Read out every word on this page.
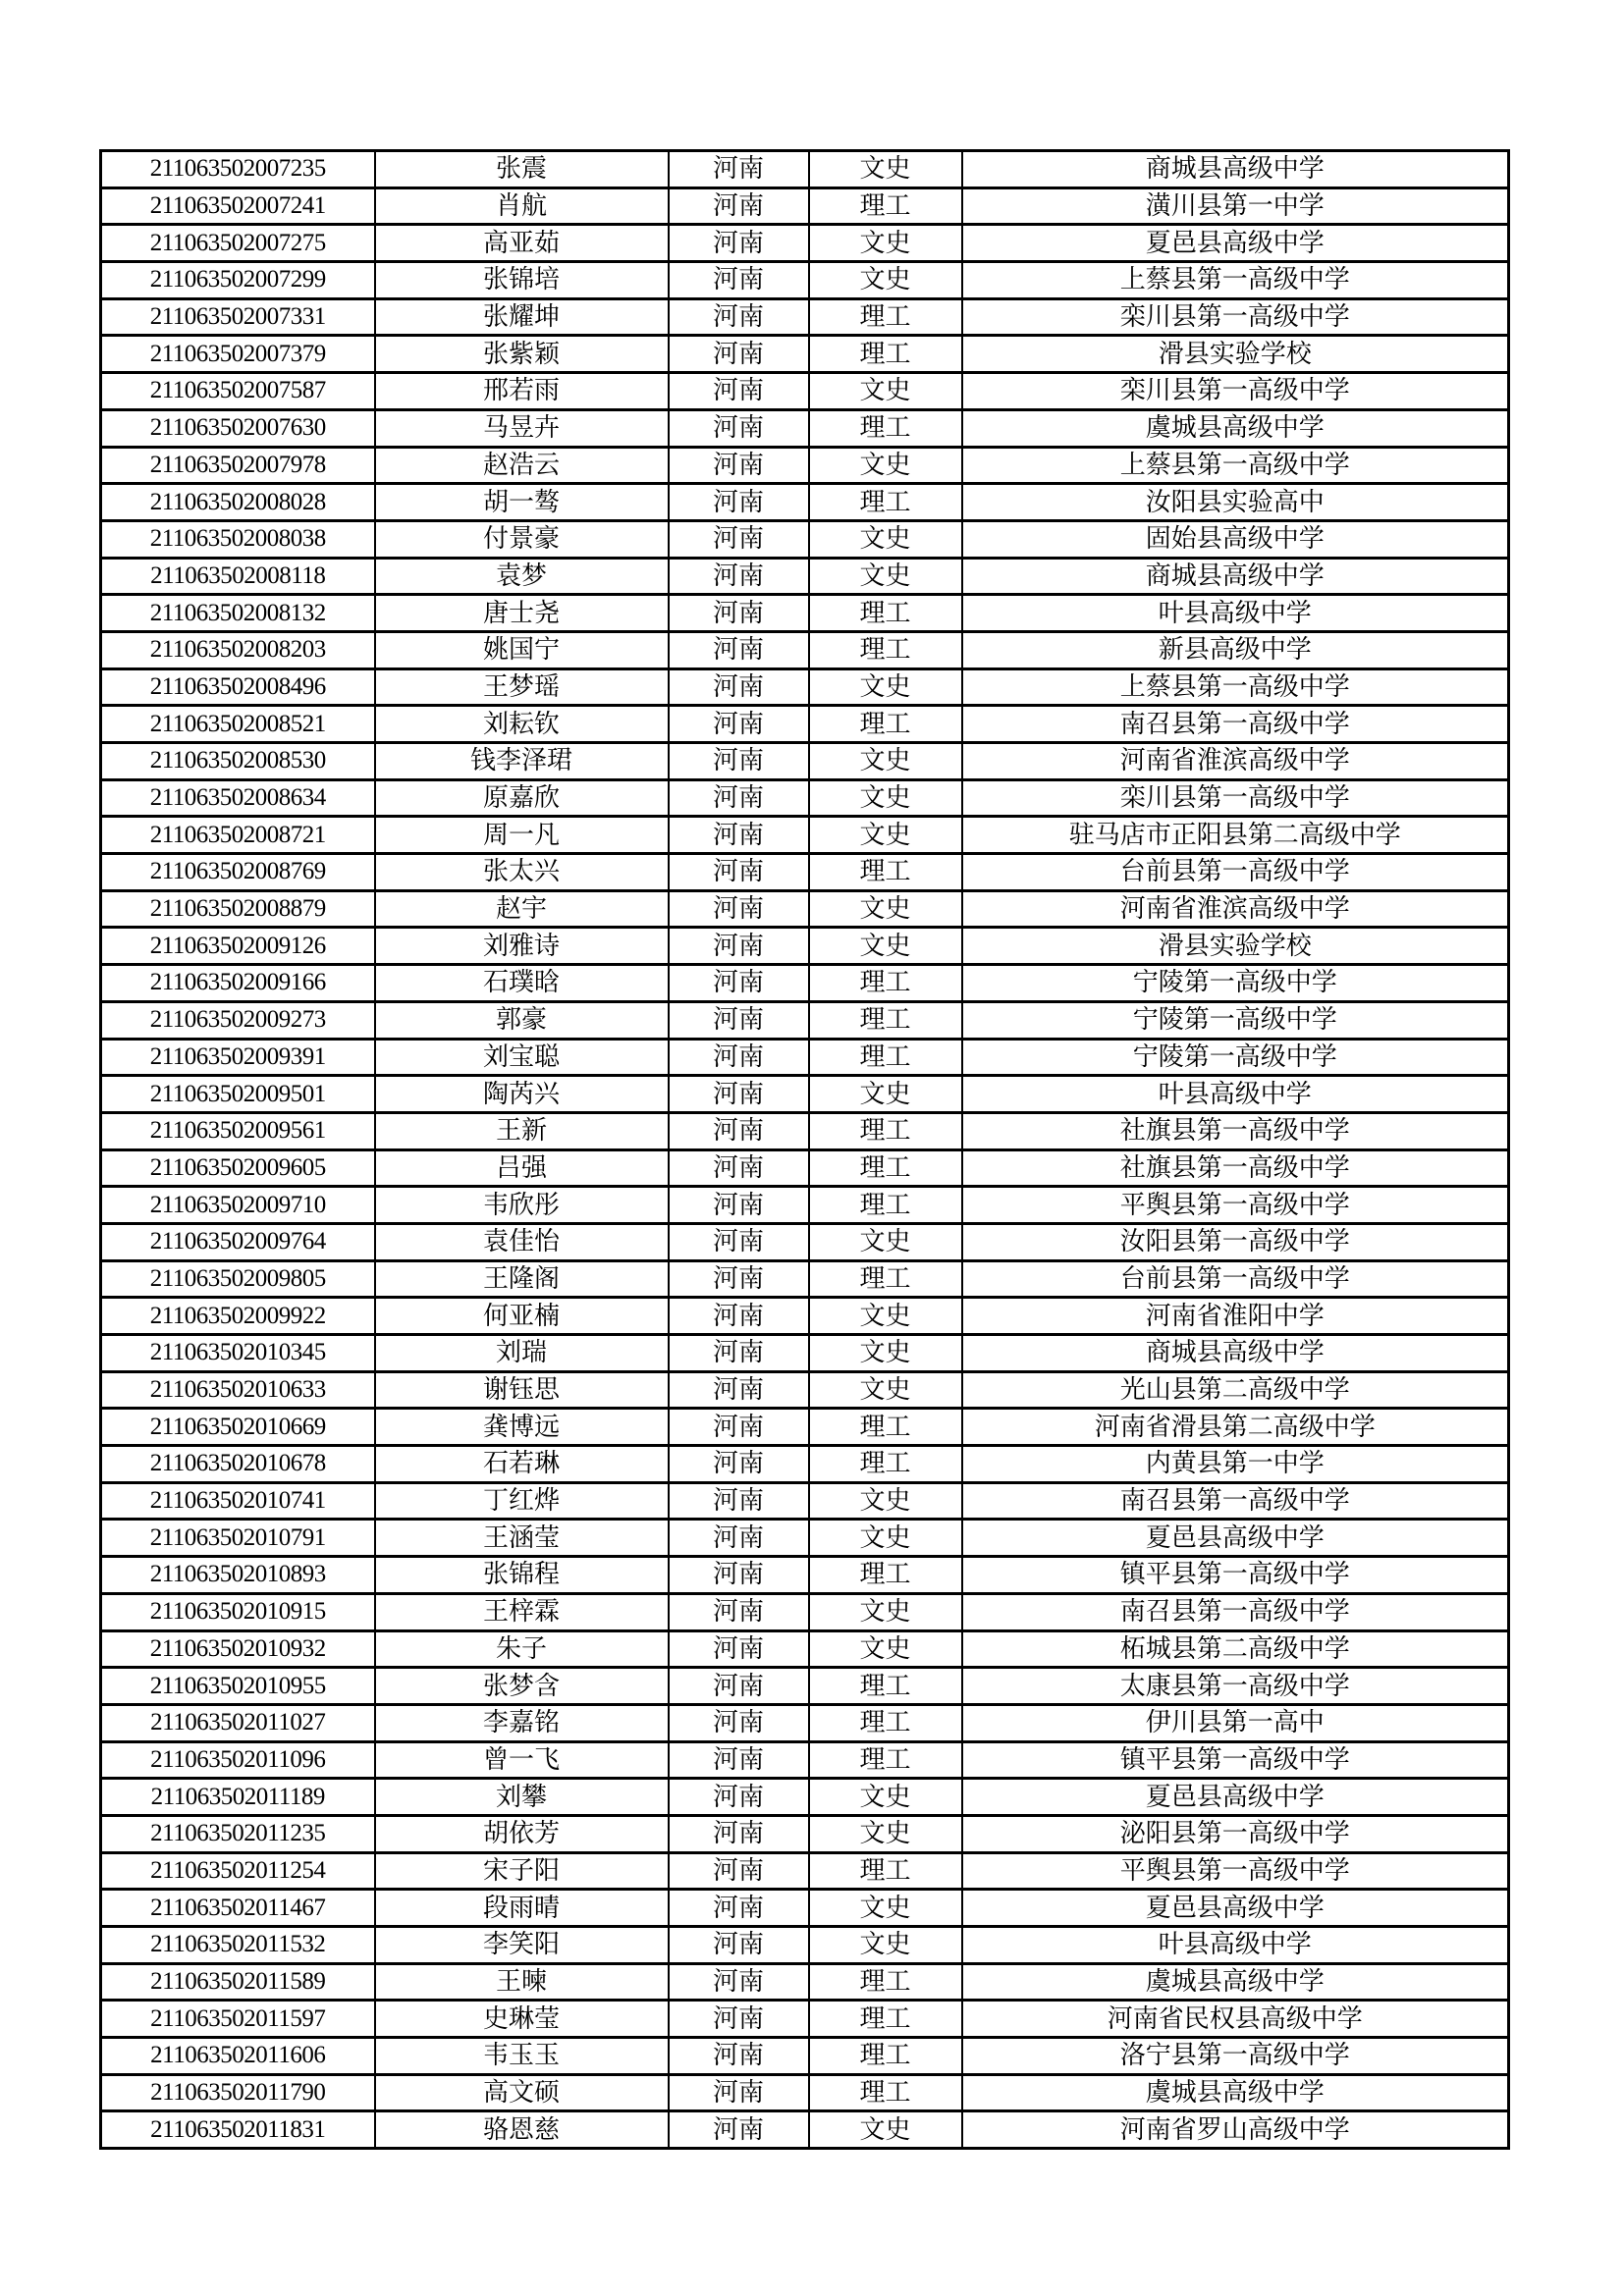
211063502007235	张震	河南	文史	商城县高级中学
211063502007241	肖航	河南	理工	潢川县第一中学
211063502007275	高亚茹	河南	文史	夏邑县高级中学
211063502007299	张锦培	河南	文史	上蔡县第一高级中学
211063502007331	张耀坤	河南	理工	栾川县第一高级中学
211063502007379	张紫颖	河南	理工	滑县实验学校
211063502007587	邢若雨	河南	文史	栾川县第一高级中学
211063502007630	马昱卉	河南	理工	虞城县高级中学
211063502007978	赵浩云	河南	文史	上蔡县第一高级中学
211063502008028	胡一骜	河南	理工	汝阳县实验高中
211063502008038	付景豪	河南	文史	固始县高级中学
211063502008118	袁梦	河南	文史	商城县高级中学
211063502008132	唐士尧	河南	理工	叶县高级中学
211063502008203	姚国宁	河南	理工	新县高级中学
211063502008496	王梦瑶	河南	文史	上蔡县第一高级中学
211063502008521	刘耘钦	河南	理工	南召县第一高级中学
211063502008530	钱李泽珺	河南	文史	河南省淮滨高级中学
211063502008634	原嘉欣	河南	文史	栾川县第一高级中学
211063502008721	周一凡	河南	文史	驻马店市正阳县第二高级中学
211063502008769	张太兴	河南	理工	台前县第一高级中学
211063502008879	赵宇	河南	文史	河南省淮滨高级中学
211063502009126	刘雅诗	河南	文史	滑县实验学校
211063502009166	石璞晗	河南	理工	宁陵第一高级中学
211063502009273	郭豪	河南	理工	宁陵第一高级中学
211063502009391	刘宝聪	河南	理工	宁陵第一高级中学
211063502009501	陶芮兴	河南	文史	叶县高级中学
211063502009561	王新	河南	理工	社旗县第一高级中学
211063502009605	吕强	河南	理工	社旗县第一高级中学
211063502009710	韦欣彤	河南	理工	平舆县第一高级中学
211063502009764	袁佳怡	河南	文史	汝阳县第一高级中学
211063502009805	王隆阁	河南	理工	台前县第一高级中学
211063502009922	何亚楠	河南	文史	河南省淮阳中学
211063502010345	刘瑞	河南	文史	商城县高级中学
211063502010633	谢钰思	河南	文史	光山县第二高级中学
211063502010669	龚博远	河南	理工	河南省滑县第二高级中学
211063502010678	石若琳	河南	理工	内黄县第一中学
211063502010741	丁红烨	河南	文史	南召县第一高级中学
211063502010791	王涵莹	河南	文史	夏邑县高级中学
211063502010893	张锦程	河南	理工	镇平县第一高级中学
211063502010915	王梓霖	河南	文史	南召县第一高级中学
211063502010932	朱子	河南	文史	柘城县第二高级中学
211063502010955	张梦含	河南	理工	太康县第一高级中学
211063502011027	李嘉铭	河南	理工	伊川县第一高中
211063502011096	曾一飞	河南	理工	镇平县第一高级中学
211063502011189	刘攀	河南	文史	夏邑县高级中学
211063502011235	胡依芳	河南	文史	泌阳县第一高级中学
211063502011254	宋子阳	河南	理工	平舆县第一高级中学
211063502011467	段雨晴	河南	文史	夏邑县高级中学
211063502011532	李笑阳	河南	文史	叶县高级中学
211063502011589	王暕	河南	理工	虞城县高级中学
211063502011597	史琳莹	河南	理工	河南省民权县高级中学
211063502011606	韦玉玉	河南	理工	洛宁县第一高级中学
211063502011790	高文硕	河南	理工	虞城县高级中学
211063502011831	骆恩慈	河南	文史	河南省罗山高级中学
